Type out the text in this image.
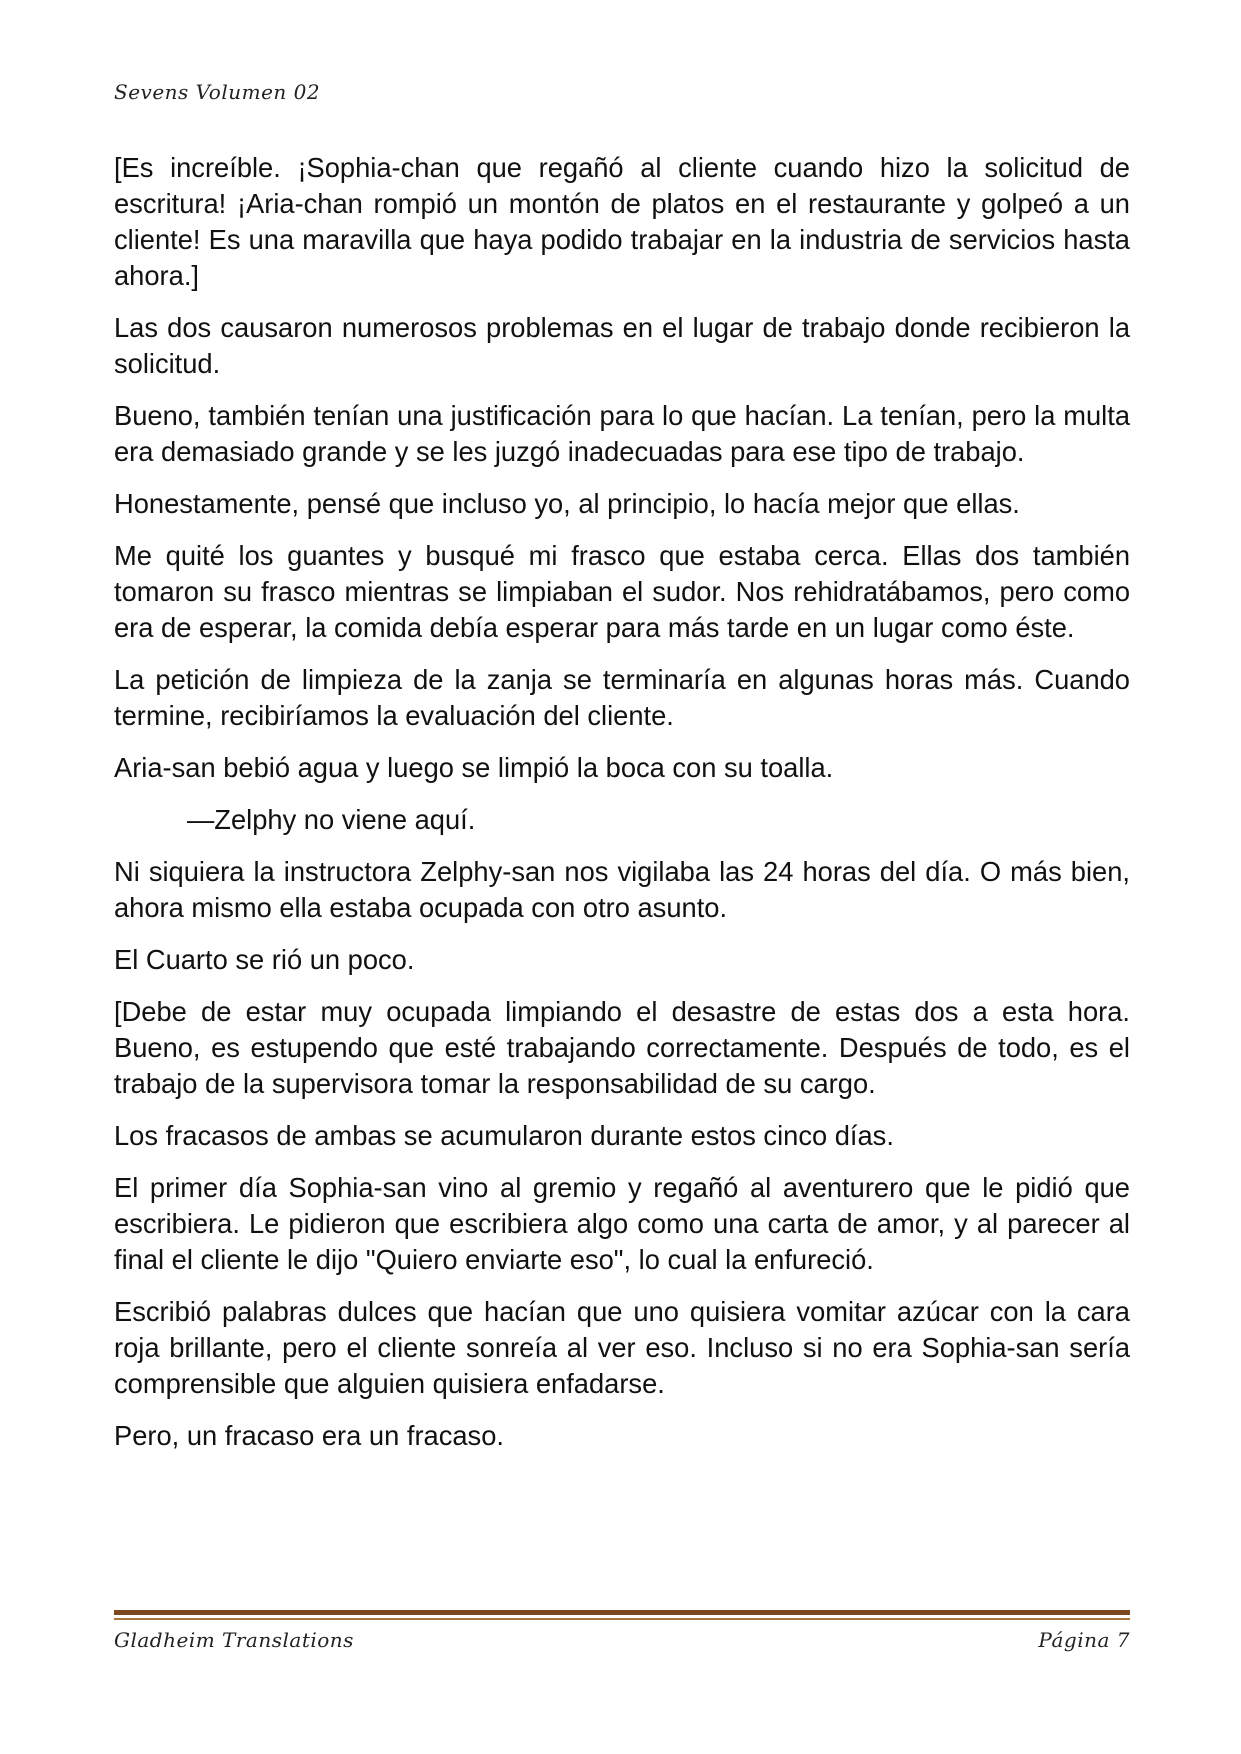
Sevens Volumen 02

[Es increíble. ¡Sophia-chan que regañó al cliente cuando hizo la solicitud de escritura! ¡Aria-chan rompió un montón de platos en el restaurante y golpeó a un cliente! Es una maravilla que haya podido trabajar en la industria de servicios hasta ahora.]

Las dos causaron numerosos problemas en el lugar de trabajo donde recibieron la solicitud.

Bueno, también tenían una justificación para lo que hacían. La tenían, pero la multa era demasiado grande y se les juzgó inadecuadas para ese tipo de trabajo.

Honestamente, pensé que incluso yo, al principio, lo hacía mejor que ellas.

Me quité los guantes y busqué mi frasco que estaba cerca. Ellas dos también tomaron su frasco mientras se limpiaban el sudor. Nos rehidratábamos, pero como era de esperar, la comida debía esperar para más tarde en un lugar como éste.

La petición de limpieza de la zanja se terminaría en algunas horas más. Cuando termine, recibiríamos la evaluación del cliente.

Aria-san bebió agua y luego se limpió la boca con su toalla.

—Zelphy no viene aquí.

Ni siquiera la instructora Zelphy-san nos vigilaba las 24 horas del día. O más bien, ahora mismo ella estaba ocupada con otro asunto.

El Cuarto se rió un poco.

[Debe de estar muy ocupada limpiando el desastre de estas dos a esta hora. Bueno, es estupendo que esté trabajando correctamente. Después de todo, es el trabajo de la supervisora tomar la responsabilidad de su cargo.

Los fracasos de ambas se acumularon durante estos cinco días.

El primer día Sophia-san vino al gremio y regañó al aventurero que le pidió que escribiera. Le pidieron que escribiera algo como una carta de amor, y al parecer al final el cliente le dijo "Quiero enviarte eso", lo cual la enfureció.

Escribió palabras dulces que hacían que uno quisiera vomitar azúcar con la cara roja brillante, pero el cliente sonreía al ver eso. Incluso si no era Sophia-san sería comprensible que alguien quisiera enfadarse.

Pero, un fracaso era un fracaso.

Gladheim Translations	Página 7
